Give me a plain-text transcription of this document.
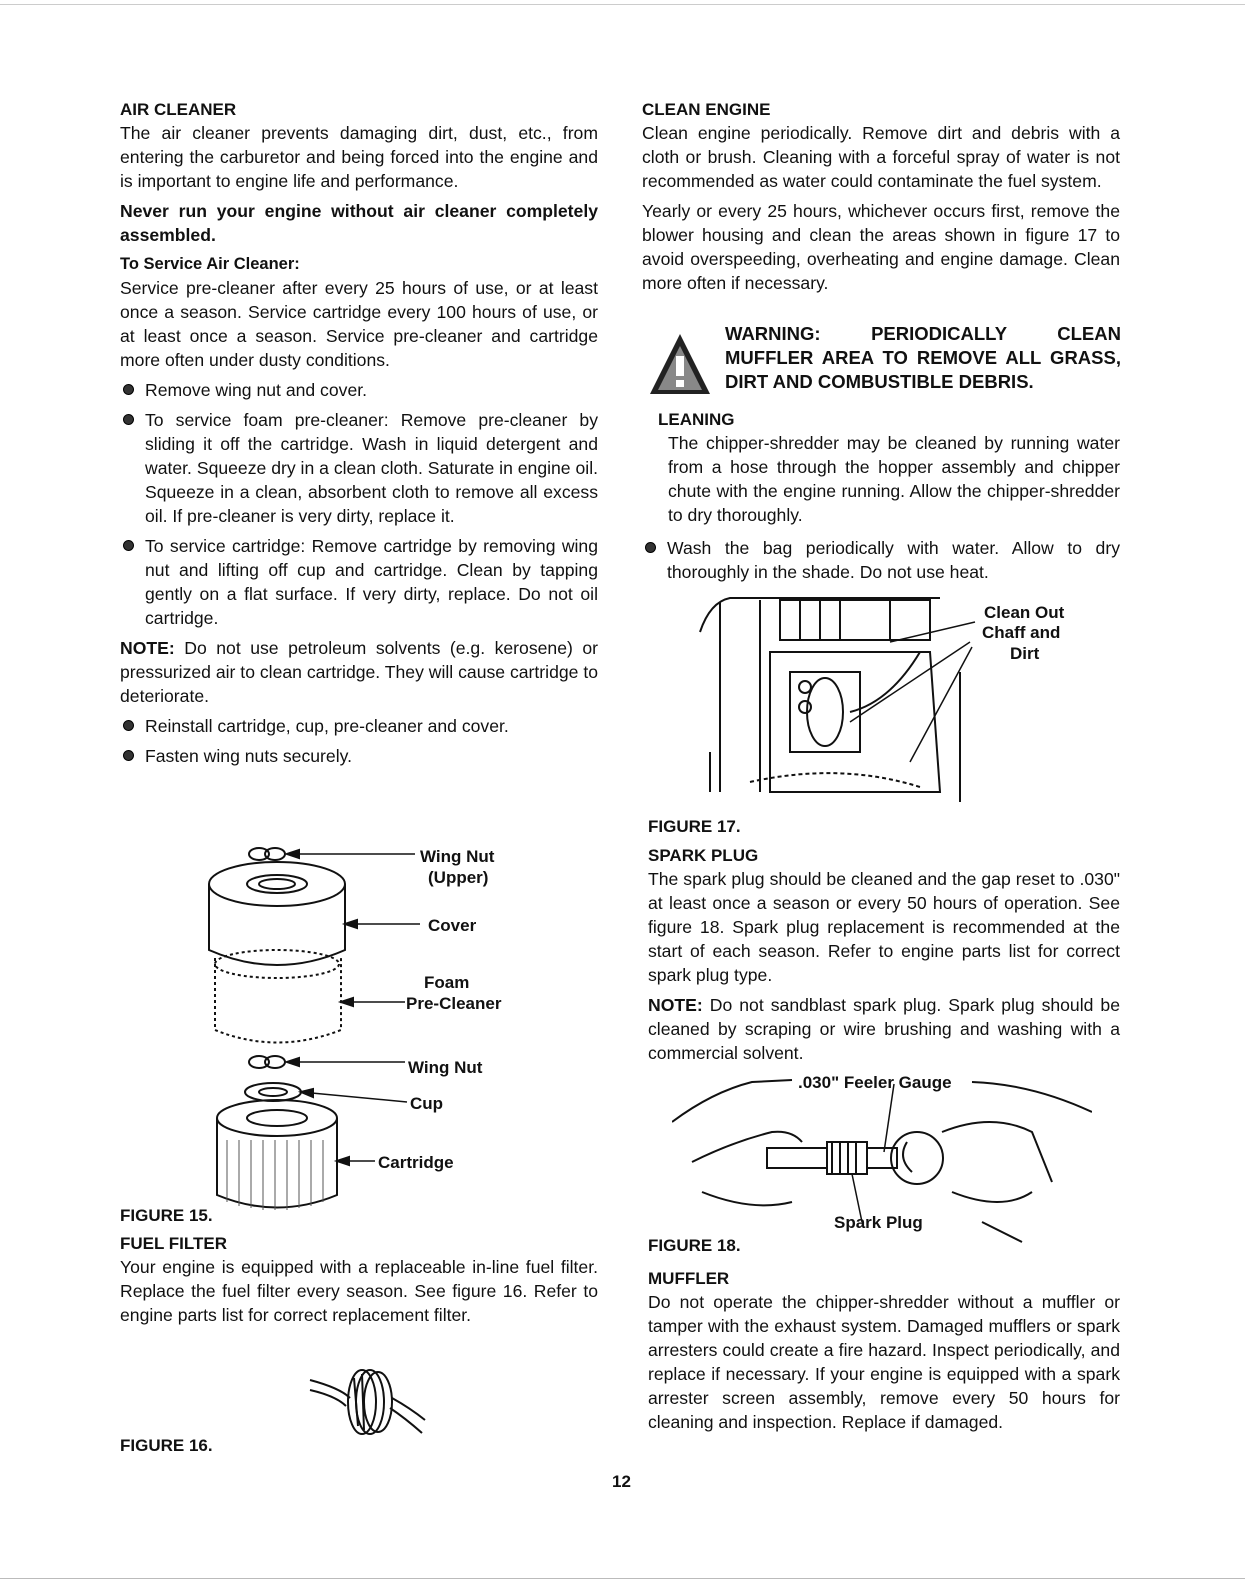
AIR CLEANER

The air cleaner prevents damaging dirt, dust, etc., from entering the carburetor and being forced into the engine and is important to engine life and performance.

Never run your engine without air cleaner completely assembled.

To Service Air Cleaner:

Service pre-cleaner after every 25 hours of use, or at least once a season. Service cartridge every 100 hours of use, or at least once a season. Service pre-cleaner and cartridge more often under dusty conditions.

Remove wing nut and cover.
To service foam pre-cleaner: Remove pre-cleaner by sliding it off the cartridge. Wash in liquid detergent and water. Squeeze dry in a clean cloth. Saturate in engine oil. Squeeze in a clean, absorbent cloth to remove all excess oil. If pre-cleaner is very dirty, replace it.
To service cartridge: Remove cartridge by removing wing nut and lifting off cup and cartridge. Clean by tapping gently on a flat surface. If very dirty, replace. Do not oil cartridge.

NOTE: Do not use petroleum solvents (e.g. kerosene) or pressurized air to clean cartridge. They will cause cartridge to deteriorate.

Reinstall cartridge, cup, pre-cleaner and cover.
Fasten wing nuts securely.
Wing Nut
(Upper)
Cover
Foam
Pre-Cleaner
Wing Nut
Cup
Cartridge
FIGURE 15.
FUEL FILTER

Your engine is equipped with a replaceable in-line fuel filter. Replace the fuel filter every season. See figure 16. Refer to engine parts list for correct replacement filter.

FIGURE 16.
CLEAN ENGINE

Clean engine periodically. Remove dirt and debris with a cloth or brush. Cleaning with a forceful spray of water is not recommended as water could contaminate the fuel system.

Yearly or every 25 hours, whichever occurs first, remove the blower housing and clean the areas shown in figure 17 to avoid overspeeding, overheating and engine damage. Clean more often if necessary.

WARNING: PERIODICALLY CLEAN MUFFLER AREA TO REMOVE ALL GRASS, DIRT AND COMBUSTIBLE DEBRIS.
LEANING

The chipper-shredder may be cleaned by running water from a hose through the hopper assembly and chipper chute with the engine running. Allow the chipper-shredder to dry thoroughly.

Wash the bag periodically with water. Allow to dry thoroughly in the shade. Do not use heat.
Clean Out
Chaff and
Dirt
FIGURE 17.
SPARK PLUG

The spark plug should be cleaned and the gap reset to .030" at least once a season or every 50 hours of operation. See figure 18. Spark plug replacement is recommended at the start of each season. Refer to engine parts list for correct spark plug type.

NOTE: Do not sandblast spark plug. Spark plug should be cleaned by scraping or wire brushing and washing with a commercial solvent.

.030" Feeler Gauge
Spark Plug
FIGURE 18.
MUFFLER

Do not operate the chipper-shredder without a muffler or tamper with the exhaust system. Damaged mufflers or spark arresters could create a fire hazard. Inspect periodically, and replace if necessary. If your engine is equipped with a spark arrester screen assembly, remove every 50 hours for cleaning and inspection. Replace if damaged.

12
